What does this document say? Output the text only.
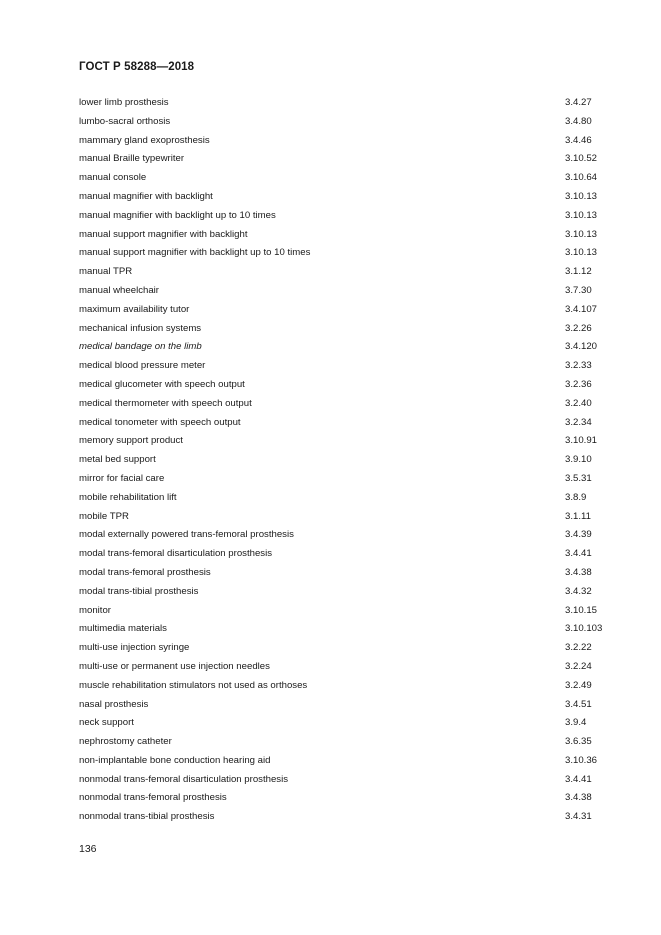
ГОСТ Р 58288—2018
lower limb prosthesis	3.4.27
lumbo-sacral orthosis	3.4.80
mammary gland exoprosthesis	3.4.46
manual Braille typewriter	3.10.52
manual console	3.10.64
manual magnifier with backlight	3.10.13
manual magnifier with backlight up to 10 times	3.10.13
manual support magnifier with backlight	3.10.13
manual support magnifier with backlight up to 10 times	3.10.13
manual TPR	3.1.12
manual wheelchair	3.7.30
maximum availability tutor	3.4.107
mechanical infusion systems	3.2.26
medical bandage on the limb	3.4.120
medical blood pressure meter	3.2.33
medical glucometer with speech output	3.2.36
medical thermometer with speech output	3.2.40
medical tonometer with speech output	3.2.34
memory support product	3.10.91
metal bed support	3.9.10
mirror for facial care	3.5.31
mobile rehabilitation lift	3.8.9
mobile TPR	3.1.11
modal externally powered trans-femoral prosthesis	3.4.39
modal trans-femoral disarticulation prosthesis	3.4.41
modal trans-femoral prosthesis	3.4.38
modal trans-tibial prosthesis	3.4.32
monitor	3.10.15
multimedia materials	3.10.103
multi-use injection syringe	3.2.22
multi-use or permanent use injection needles	3.2.24
muscle rehabilitation stimulators not used as orthoses	3.2.49
nasal prosthesis	3.4.51
neck support	3.9.4
nephrostomy catheter	3.6.35
non-implantable bone conduction hearing aid	3.10.36
nonmodal trans-femoral disarticulation prosthesis	3.4.41
nonmodal trans-femoral prosthesis	3.4.38
nonmodal trans-tibial prosthesis	3.4.31
136
